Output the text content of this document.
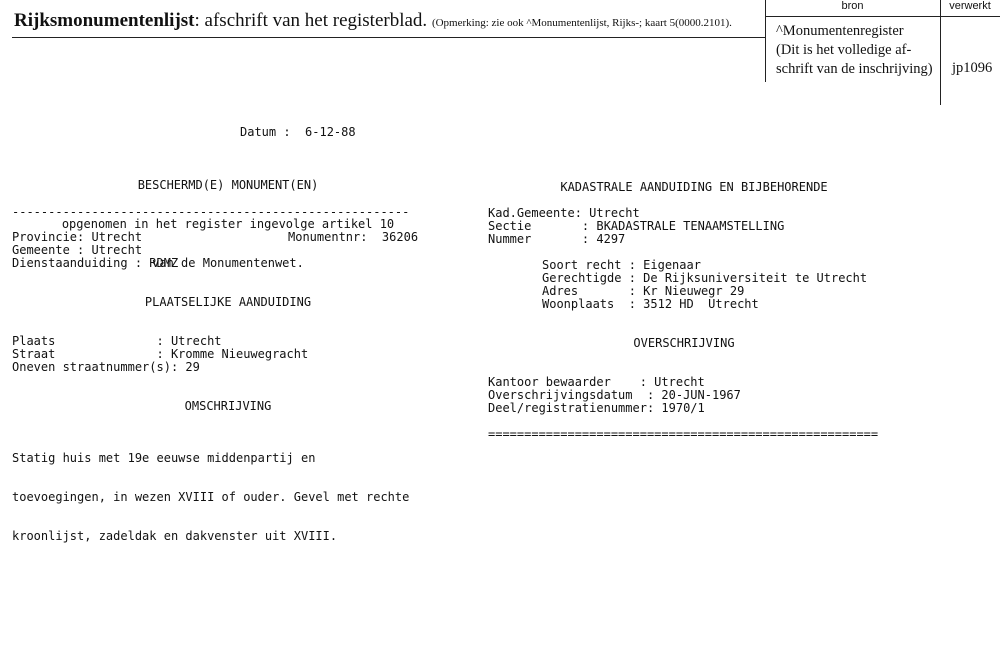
Rijksmonumentenlijst: afschrift van het registerblad. (Opmerking: zie ook ^Monumentenlijst, Rijks-; kaart 5(0000.2101).
bron	verwerkt
^Monumentenregister
(Dit is het volledige af-
schrift van de inschrijving) jp1096
Datum :  6-12-88

BESCHERMD(E) MONUMENT(EN)

opgenomen in het register ingevolge artikel 10

van de Monumentenwet.

-------------------------------------------------------
Provincie: Utrecht	Monumentnr:  36206
Gemeente : Utrecht
Dienstaanduiding : RDMZ
PLAATSELIJKE AANDUIDING
Plaats              : Utrecht
Straat              : Kromme Nieuwegracht
Oneven straatnummer(s): 29
OMSCHRIJVING

Statig huis met 19e eeuwse middenpartij en

toevoegingen, in wezen XVIII of ouder. Gevel met rechte

kroonlijst, zadeldak en dakvenster uit XVIII.

KADASTRALE AANDUIDING EN BIJBEHORENDE

KADASTRALE TENAAMSTELLING

Kad.Gemeente: Utrecht
Sectie       : B
Nummer       : 4297
Soort recht : Eigenaar
Gerechtigde : De Rijksuniversiteit te Utrecht
Adres       : Kr Nieuwegr 29
Woonplaats  : 3512 HD  Utrecht
OVERSCHRIJVING
Kantoor bewaarder    : Utrecht
Overschrijvingsdatum  : 20-JUN-1967
Deel/registratienummer: 1970/1
======================================================
